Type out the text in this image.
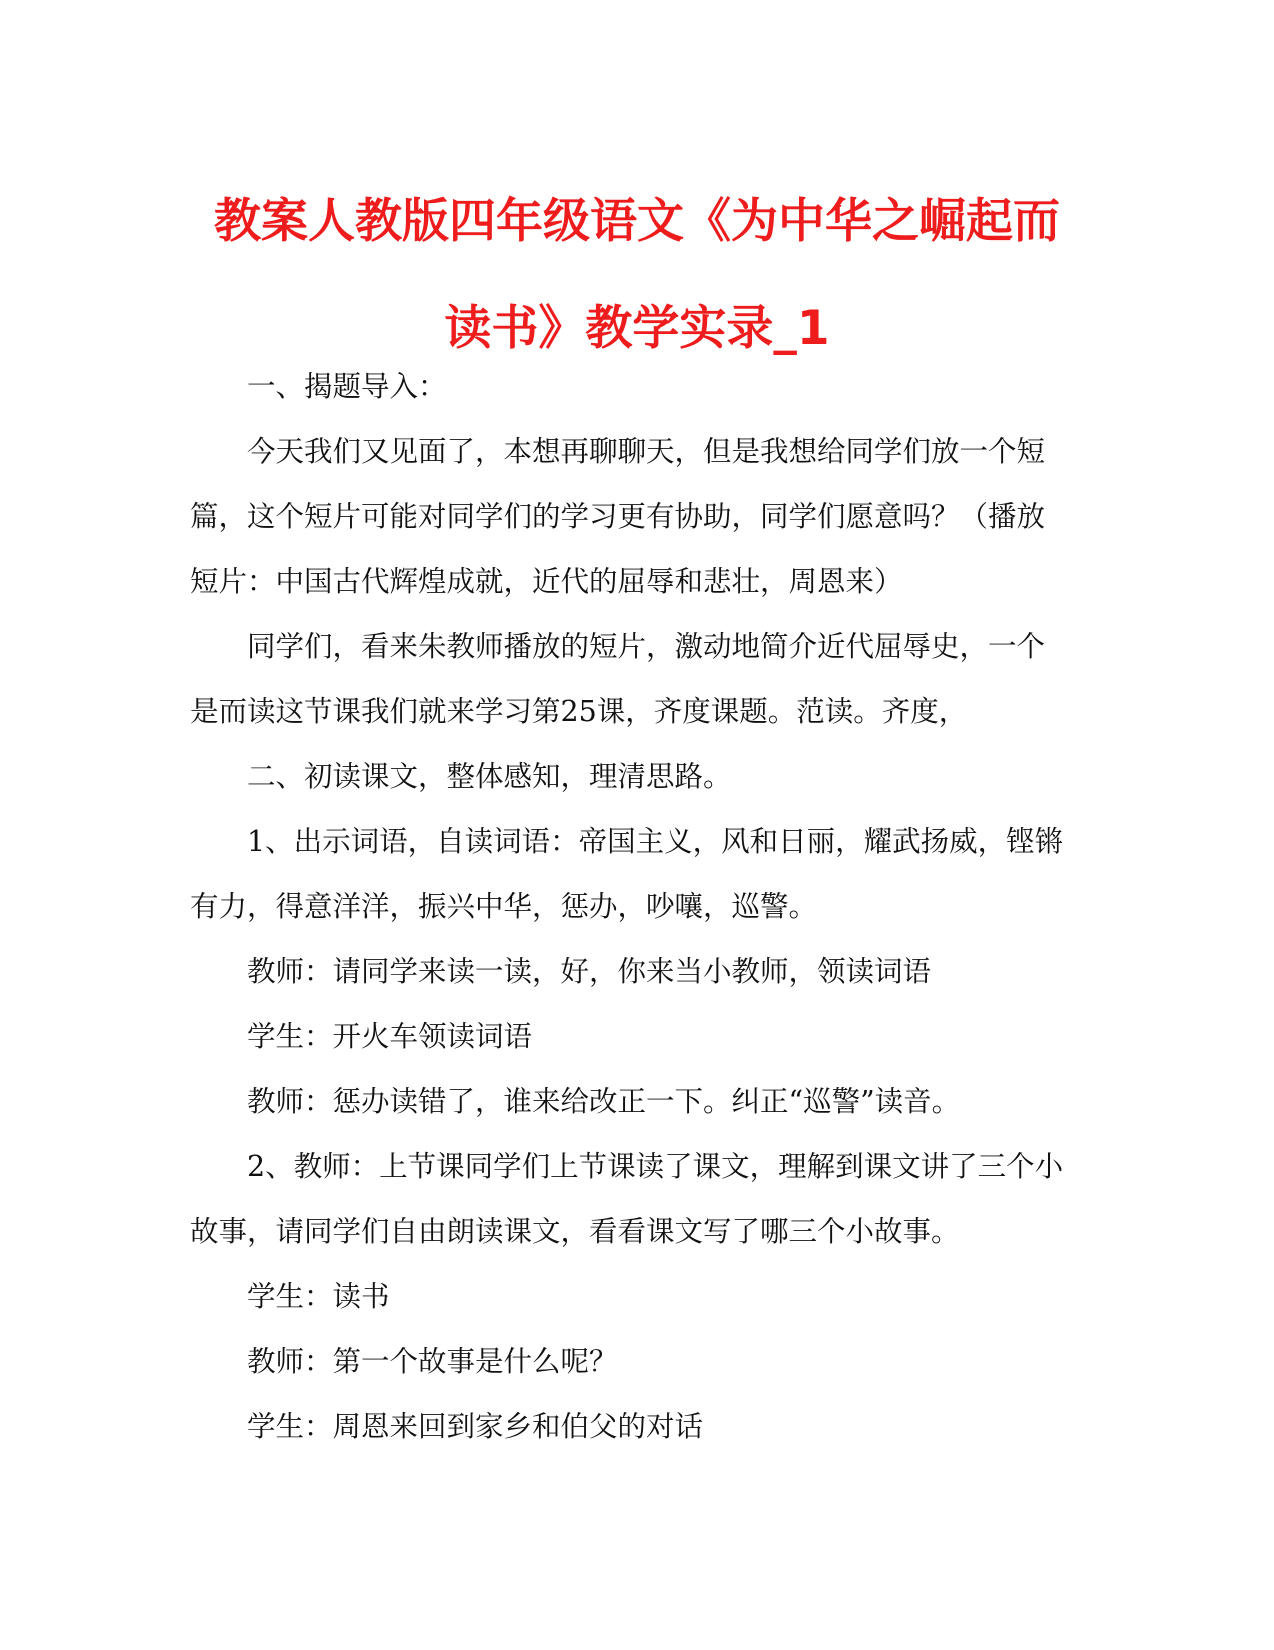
教案人教版四年级语文《为中华之崛起而
读书》教学实录_1

一、揭题导入：

今天我们又见面了，本想再聊聊天，但是我想给同学们放一个短
篇，这个短片可能对同学们的学习更有协助，同学们愿意吗？（播放
短片：中国古代辉煌成就，近代的屈辱和悲壮，周恩来）

同学们，看来朱教师播放的短片，激动地简介近代屈辱史，一个
是而读这节课我们就来学习第25课，齐度课题。范读。齐度，

二、初读课文，整体感知，理清思路。

1、出示词语，自读词语：帝国主义，风和日丽，耀武扬威，铿锵
有力，得意洋洋，振兴中华，惩办，吵嚷，巡警。

教师：请同学来读一读，好，你来当小教师，领读词语

学生：开火车领读词语

教师：惩办读错了，谁来给改正一下。纠正“巡警”读音。

2、教师：上节课同学们上节课读了课文，理解到课文讲了三个小
故事，请同学们自由朗读课文，看看课文写了哪三个小故事。

学生：读书

教师：第一个故事是什么呢？

学生：周恩来回到家乡和伯父的对话
